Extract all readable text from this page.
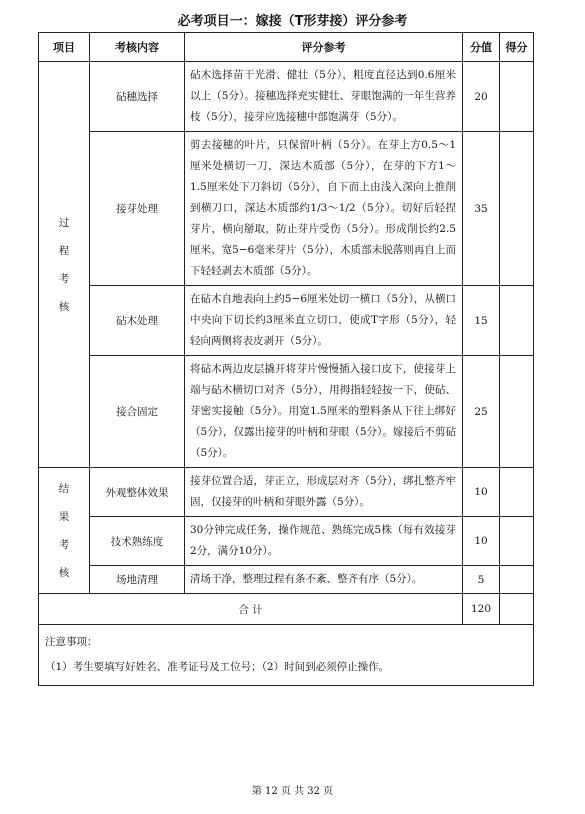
必考项目一：嫁接（T形芽接）评分参考
项目	考核内容	评分参考	分值	得分

过
程
考
核	砧穗选择	砧木选择苗干光滑、健壮（5分），粗度直径达到0.6厘米以上（5分）。接穗选择充实健壮、芽眼饱满的一年生营养枝（5分），接芽应选接穗中部饱满芽（5分）。	20	
	接芽处理	剪去接穗的叶片，只保留叶柄（5分）。在芽上方0.5～1厘米处横切一刀，深达木质部（5分），在芽的下方1～1.5厘米处下刀斜切（5分），自下而上由浅入深向上推削到横刀口，深达木质部约1/3～1/2（5分）。切好后轻捏芽片，横向掰取，防止芽片受伤（5分）。形成削长约2.5厘米、宽5−6毫米芽片（5分），木质部未脱落则再自上而下轻轻剥去木质部（5分）。	35	
	砧木处理	在砧木自地表向上约5−6厘米处切一横口（5分），从横口中央向下切长约3厘米直立切口，使成T字形（5分），轻轻向两侧将表皮剥开（5分）。	15	
	接合固定	将砧木两边皮层撬开将芽片慢慢插入接口皮下，使接芽上端与砧木横切口对齐（5分），用拇指轻轻按一下，使砧、芽密实接触（5分）。用宽1.5厘米的塑料条从下往上绑好（5分），仅露出接芽的叶柄和芽眼（5分）。嫁接后不剪砧（5分）。	25	

结
果
考
核	外观整体效果	接芽位置合适，芽正立，形成层对齐（5分），绑扎整齐牢固，仅接芽的叶柄和芽眼外露（5分）。	10	
	技术熟练度	30分钟完成任务，操作规范、熟练完成5株（每有效接芽2分，满分10分）。	10	
	场地清理	清场干净，整理过程有条不紊、整齐有序（5分）。	5	
合 计			120	

注意事项：
（1）考生要填写好姓名、准考证号及工位号；（2）时间到必须停止操作。				
第 12 页 共 32 页
